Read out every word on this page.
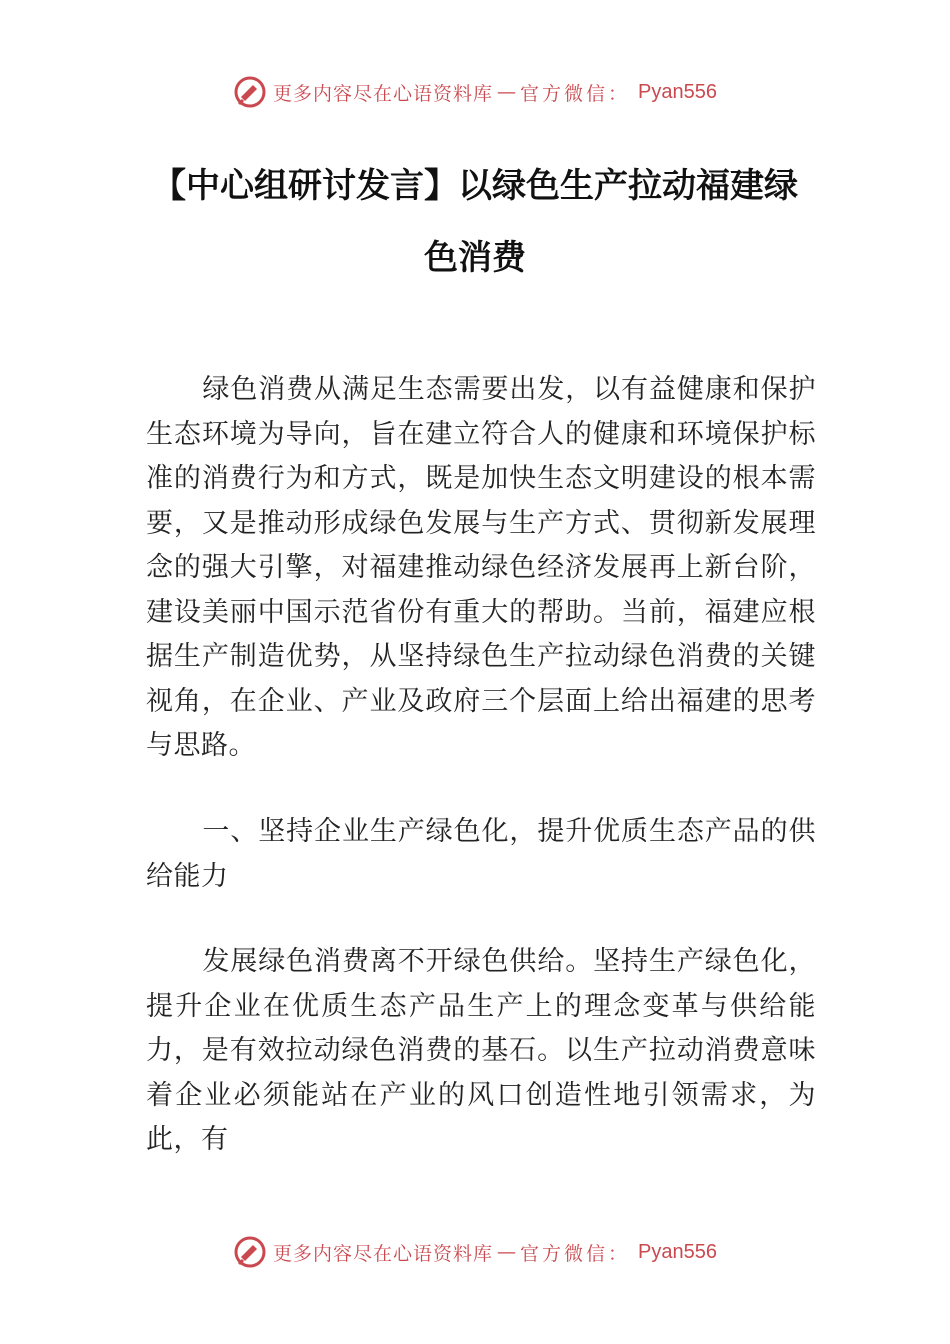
更多内容尽在心语资料库 — 官方微信： Pyan556
【中心组研讨发言】以绿色生产拉动福建绿色消费
绿色消费从满足生态需要出发，以有益健康和保护生态环境为导向，旨在建立符合人的健康和环境保护标准的消费行为和方式，既是加快生态文明建设的根本需要，又是推动形成绿色发展与生产方式、贯彻新发展理念的强大引擎，对福建推动绿色经济发展再上新台阶，建设美丽中国示范省份有重大的帮助。当前，福建应根据生产制造优势，从坚持绿色生产拉动绿色消费的关键视角，在企业、产业及政府三个层面上给出福建的思考与思路。
一、坚持企业生产绿色化，提升优质生态产品的供给能力
发展绿色消费离不开绿色供给。坚持生产绿色化，提升企业在优质生态产品生产上的理念变革与供给能力，是有效拉动绿色消费的基石。以生产拉动消费意味着企业必须能站在产业的风口创造性地引领需求，为此，有
更多内容尽在心语资料库 — 官方微信： Pyan556
